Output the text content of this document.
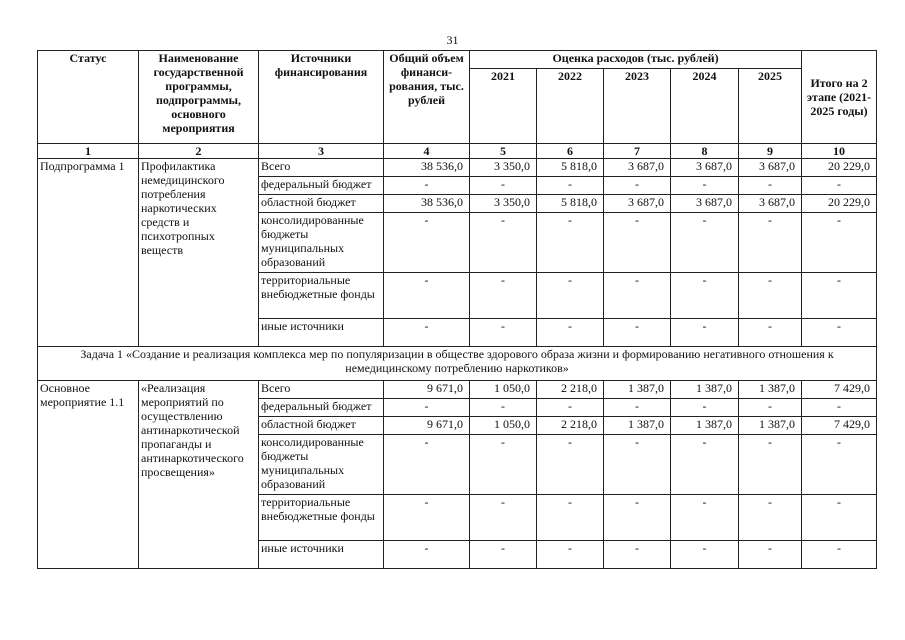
31
Статус	Наименование государственной программы, подпрограммы, основного мероприятия	Источники финансирования	Общий объем финанси-рования, тыс. рублей	Оценка расходов (тыс. рублей)					Итого на 2 этапе (2021-2025 годы)
				2021	2022	2023	2024	2025	
1	2	3	4	5	6	7	8	9	10
Подпрограмма 1	Профилактика немедицинского потребления наркотических средств и психотропных веществ	Всего	38 536,0	3 350,0	5 818,0	3 687,0	3 687,0	3 687,0	20 229,0
		федеральный бюджет	-	-	-	-	-	-	-
		областной бюджет	38 536,0	3 350,0	5 818,0	3 687,0	3 687,0	3 687,0	20 229,0
		консолидированные бюджеты муниципальных образований	-	-	-	-	-	-	-
		территориальные внебюджетные фонды	-	-	-	-	-	-	-
		иные источники	-	-	-	-	-	-	-
Задача 1 «Создание и реализация комплекса мер по популяризации в обществе здорового образа жизни и формированию негативного отношения к немедицинскому потреблению наркотиков»									
Основное мероприятие 1.1	«Реализация мероприятий по осуществлению антинаркотической пропаганды и антинаркотического просвещения»	Всего	9 671,0	1 050,0	2 218,0	1 387,0	1 387,0	1 387,0	7 429,0
		федеральный бюджет	-	-	-	-	-	-	-
		областной бюджет	9 671,0	1 050,0	2 218,0	1 387,0	1 387,0	1 387,0	7 429,0
		консолидированные бюджеты муниципальных образований	-	-	-	-	-	-	-
		территориальные внебюджетные фонды	-	-	-	-	-	-	-
		иные источники	-	-	-	-	-	-	-
